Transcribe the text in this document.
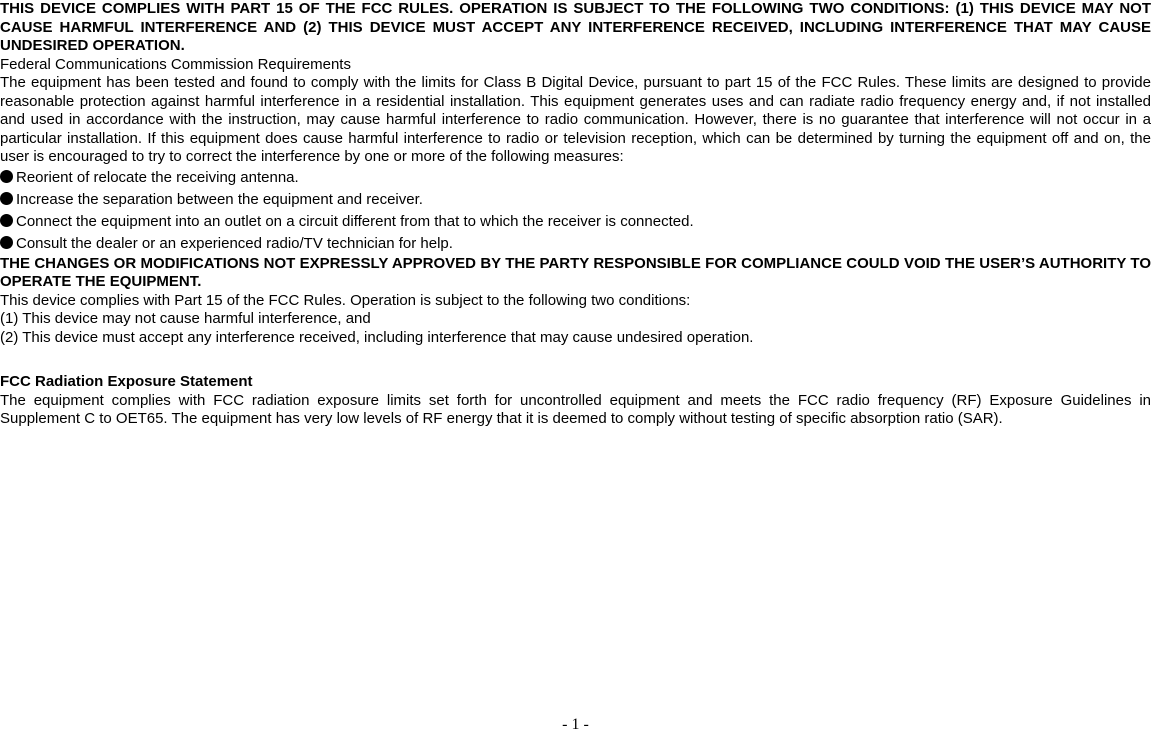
THIS DEVICE COMPLIES WITH PART 15 OF THE FCC RULES. OPERATION IS SUBJECT TO THE FOLLOWING TWO CONDITIONS: (1) THIS DEVICE MAY NOT CAUSE HARMFUL INTERFERENCE AND (2) THIS DEVICE MUST ACCEPT ANY INTERFERENCE RECEIVED, INCLUDING INTERFERENCE THAT MAY CAUSE UNDESIRED OPERATION.

Federal Communications Commission Requirements

The equipment has been tested and found to comply with the limits for Class B Digital Device, pursuant to part 15 of the FCC Rules. These limits are designed to provide reasonable protection against harmful interference in a residential installation. This equipment generates uses and can radiate radio frequency energy and, if not installed and used in accordance with the instruction, may cause harmful interference to radio communication. However, there is no guarantee that interference will not occur in a particular installation. If this equipment does cause harmful interference to radio or television reception, which can be determined by turning the equipment off and on, the user is encouraged to try to correct the interference by one or more of the following measures:

Reorient of relocate the receiving antenna.
Increase the separation between the equipment and receiver.
Connect the equipment into an outlet on a circuit different from that to which the receiver is connected.
Consult the dealer or an experienced radio/TV technician for help.

THE CHANGES OR MODIFICATIONS NOT EXPRESSLY APPROVED BY THE PARTY RESPONSIBLE FOR COMPLIANCE COULD VOID THE USER’S AUTHORITY TO OPERATE THE EQUIPMENT.

This device complies with Part 15 of the FCC Rules. Operation is subject to the following two conditions:

(1) This device may not cause harmful interference, and

(2) This device must accept any interference received, including interference that may cause undesired operation.

FCC Radiation Exposure Statement

The equipment complies with FCC radiation exposure limits set forth for uncontrolled equipment and meets the FCC radio frequency (RF) Exposure Guidelines in Supplement C to OET65. The equipment has very low levels of RF energy that it is deemed to comply without testing of specific absorption ratio (SAR).

- 1 -
